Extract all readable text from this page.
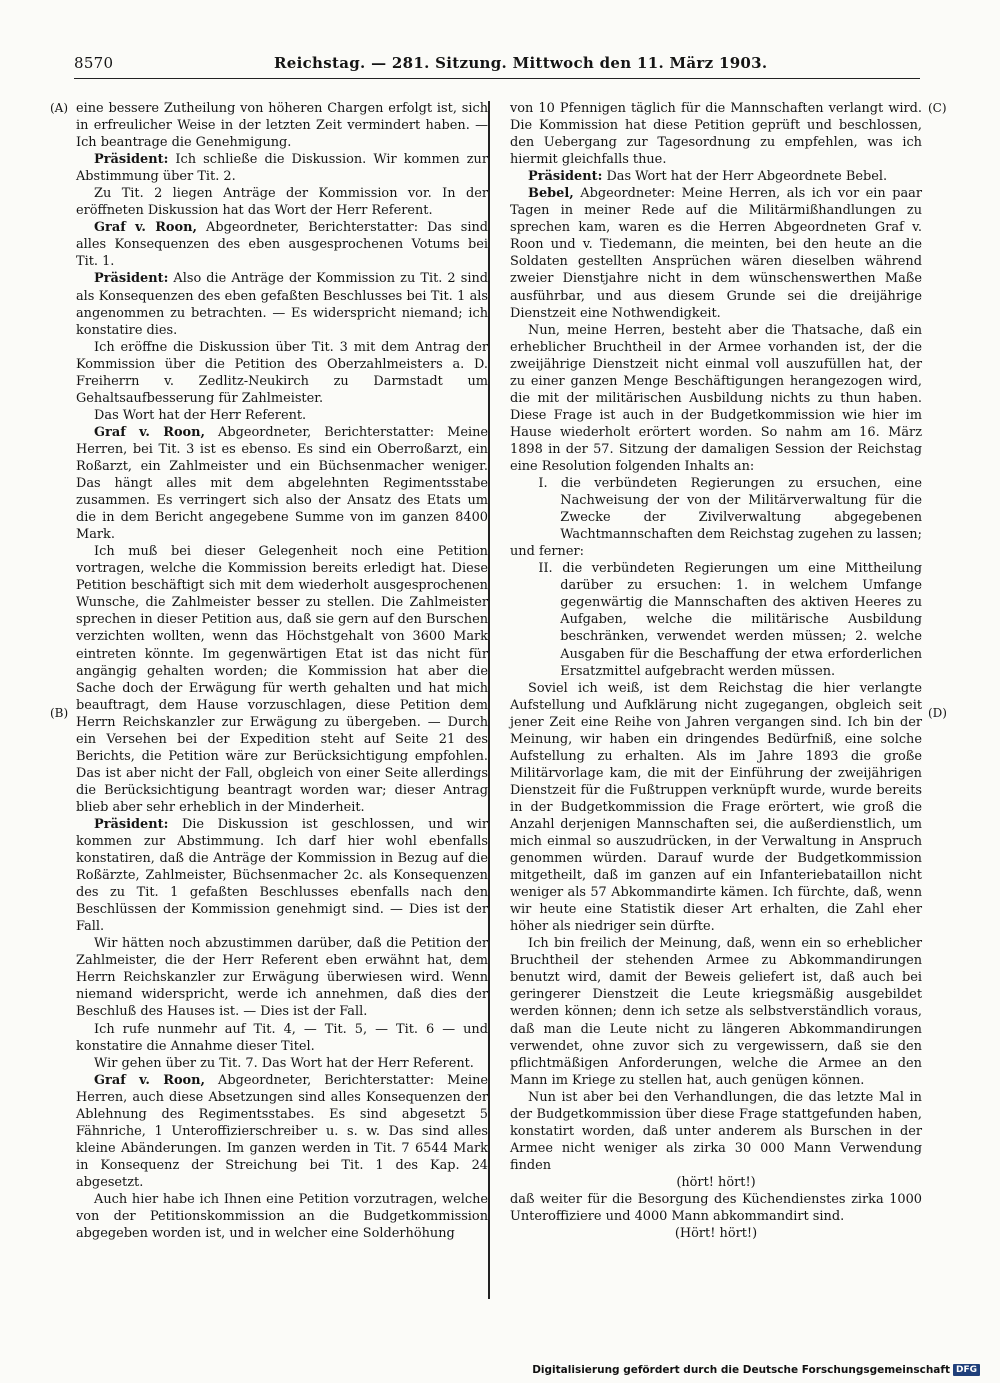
8570	Reichstag. — 281. Sitzung. Mittwoch den 11. März 1903.
(A)
(B)
(C)
(D)

eine bessere Zutheilung von höheren Chargen erfolgt ist, sich in erfreulicher Weise in der letzten Zeit vermindert haben. — Ich beantrage die Genehmigung.

Präsident: Ich schließe die Diskussion. Wir kommen zur Abstimmung über Tit. 2.

Zu Tit. 2 liegen Anträge der Kommission vor. In der eröffneten Diskussion hat das Wort der Herr Referent.

Graf v. Roon, Abgeordneter, Berichterstatter: Das sind alles Konsequenzen des eben ausgesprochenen Votums bei Tit. 1.

Präsident: Also die Anträge der Kommission zu Tit. 2 sind als Konsequenzen des eben gefaßten Beschlusses bei Tit. 1 als angenommen zu betrachten. — Es widerspricht niemand; ich konstatire dies.

Ich eröffne die Diskussion über Tit. 3 mit dem Antrag der Kommission über die Petition des Oberzahlmeisters a. D. Freiherrn v. Zedlitz-Neukirch zu Darmstadt um Gehaltsaufbesserung für Zahlmeister.

Das Wort hat der Herr Referent.

Graf v. Roon, Abgeordneter, Berichterstatter: Meine Herren, bei Tit. 3 ist es ebenso. Es sind ein Oberroßarzt, ein Roßarzt, ein Zahlmeister und ein Büchsenmacher weniger. Das hängt alles mit dem abgelehnten Regimentsstabe zusammen. Es verringert sich also der Ansatz des Etats um die in dem Bericht angegebene Summe von im ganzen 8400 Mark.

Ich muß bei dieser Gelegenheit noch eine Petition vortragen, welche die Kommission bereits erledigt hat. Diese Petition beschäftigt sich mit dem wiederholt ausgesprochenen Wunsche, die Zahlmeister besser zu stellen. Die Zahlmeister sprechen in dieser Petition aus, daß sie gern auf den Burschen verzichten wollten, wenn das Höchstgehalt von 3600 Mark eintreten könnte. Im gegenwärtigen Etat ist das nicht für angängig gehalten worden; die Kommission hat aber die Sache doch der Erwägung für werth gehalten und hat mich beauftragt, dem Hause vorzuschlagen, diese Petition dem Herrn Reichskanzler zur Erwägung zu übergeben. — Durch ein Versehen bei der Expedition steht auf Seite 21 des Berichts, die Petition wäre zur Berücksichtigung empfohlen. Das ist aber nicht der Fall, obgleich von einer Seite allerdings die Berücksichtigung beantragt worden war; dieser Antrag blieb aber sehr erheblich in der Minderheit.

Präsident: Die Diskussion ist geschlossen, und wir kommen zur Abstimmung. Ich darf hier wohl ebenfalls konstatiren, daß die Anträge der Kommission in Bezug auf die Roßärzte, Zahlmeister, Büchsenmacher 2c. als Konsequenzen des zu Tit. 1 gefaßten Beschlusses ebenfalls nach den Beschlüssen der Kommission genehmigt sind. — Dies ist der Fall.

Wir hätten noch abzustimmen darüber, daß die Petition der Zahlmeister, die der Herr Referent eben erwähnt hat, dem Herrn Reichskanzler zur Erwägung überwiesen wird. Wenn niemand widerspricht, werde ich annehmen, daß dies der Beschluß des Hauses ist. — Dies ist der Fall.

Ich rufe nunmehr auf Tit. 4, — Tit. 5, — Tit. 6 — und konstatire die Annahme dieser Titel.

Wir gehen über zu Tit. 7. Das Wort hat der Herr Referent.

Graf v. Roon, Abgeordneter, Berichterstatter: Meine Herren, auch diese Absetzungen sind alles Konsequenzen der Ablehnung des Regimentsstabes. Es sind abgesetzt 5 Fähnriche, 1 Unteroffizierschreiber u. s. w. Das sind alles kleine Abänderungen. Im ganzen werden in Tit. 7 6544 Mark in Konsequenz der Streichung bei Tit. 1 des Kap. 24 abgesetzt.

Auch hier habe ich Ihnen eine Petition vorzutragen, welche von der Petitionskommission an die Budgetkommission abgegeben worden ist, und in welcher eine Solderhöhung

von 10 Pfennigen täglich für die Mannschaften verlangt wird. Die Kommission hat diese Petition geprüft und beschlossen, den Uebergang zur Tagesordnung zu empfehlen, was ich hiermit gleichfalls thue.

Präsident: Das Wort hat der Herr Abgeordnete Bebel.

Bebel, Abgeordneter: Meine Herren, als ich vor ein paar Tagen in meiner Rede auf die Militärmißhandlungen zu sprechen kam, waren es die Herren Abgeordneten Graf v. Roon und v. Tiedemann, die meinten, bei den heute an die Soldaten gestellten Ansprüchen wären dieselben während zweier Dienstjahre nicht in dem wünschenswerthen Maße ausführbar, und aus diesem Grunde sei die dreijährige Dienstzeit eine Nothwendigkeit.

Nun, meine Herren, besteht aber die Thatsache, daß ein erheblicher Bruchtheil in der Armee vorhanden ist, der die zweijährige Dienstzeit nicht einmal voll auszufüllen hat, der zu einer ganzen Menge Beschäftigungen herangezogen wird, die mit der militärischen Ausbildung nichts zu thun haben. Diese Frage ist auch in der Budgetkommission wie hier im Hause wiederholt erörtert worden. So nahm am 16. März 1898 in der 57. Sitzung der damaligen Session der Reichstag eine Resolution folgenden Inhalts an:

I. die verbündeten Regierungen zu ersuchen, eine Nachweisung der von der Militärverwaltung für die Zwecke der Zivilverwaltung abgegebenen Wachtmannschaften dem Reichstag zugehen zu lassen;

und ferner:

II. die verbündeten Regierungen um eine Mittheilung darüber zu ersuchen: 1. in welchem Umfange gegenwärtig die Mannschaften des aktiven Heeres zu Aufgaben, welche die militärische Ausbildung beschränken, verwendet werden müssen; 2. welche Ausgaben für die Beschaffung der etwa erforderlichen Ersatzmittel aufgebracht werden müssen.

Soviel ich weiß, ist dem Reichstag die hier verlangte Aufstellung und Aufklärung nicht zugegangen, obgleich seit jener Zeit eine Reihe von Jahren vergangen sind. Ich bin der Meinung, wir haben ein dringendes Bedürfniß, eine solche Aufstellung zu erhalten. Als im Jahre 1893 die große Militärvorlage kam, die mit der Einführung der zweijährigen Dienstzeit für die Fußtruppen verknüpft wurde, wurde bereits in der Budgetkommission die Frage erörtert, wie groß die Anzahl derjenigen Mannschaften sei, die außerdienstlich, um mich einmal so auszudrücken, in der Verwaltung in Anspruch genommen würden. Darauf wurde der Budgetkommission mitgetheilt, daß im ganzen auf ein Infanteriebataillon nicht weniger als 57 Abkommandirte kämen. Ich fürchte, daß, wenn wir heute eine Statistik dieser Art erhalten, die Zahl eher höher als niedriger sein dürfte.

Ich bin freilich der Meinung, daß, wenn ein so erheblicher Bruchtheil der stehenden Armee zu Abkommandirungen benutzt wird, damit der Beweis geliefert ist, daß auch bei geringerer Dienstzeit die Leute kriegsmäßig ausgebildet werden können; denn ich setze als selbstverständlich voraus, daß man die Leute nicht zu längeren Abkommandirungen verwendet, ohne zuvor sich zu vergewissern, daß sie den pflichtmäßigen Anforderungen, welche die Armee an den Mann im Kriege zu stellen hat, auch genügen können.

Nun ist aber bei den Verhandlungen, die das letzte Mal in der Budgetkommission über diese Frage stattgefunden haben, konstatirt worden, daß unter anderem als Burschen in der Armee nicht weniger als zirka 30 000 Mann Verwendung finden

(hört! hört!)

daß weiter für die Besorgung des Küchendienstes zirka 1000 Unteroffiziere und 4000 Mann abkommandirt sind.

(Hört! hört!)

Digitalisierung gefördert durch die Deutsche Forschungsgemeinschaft DFG
